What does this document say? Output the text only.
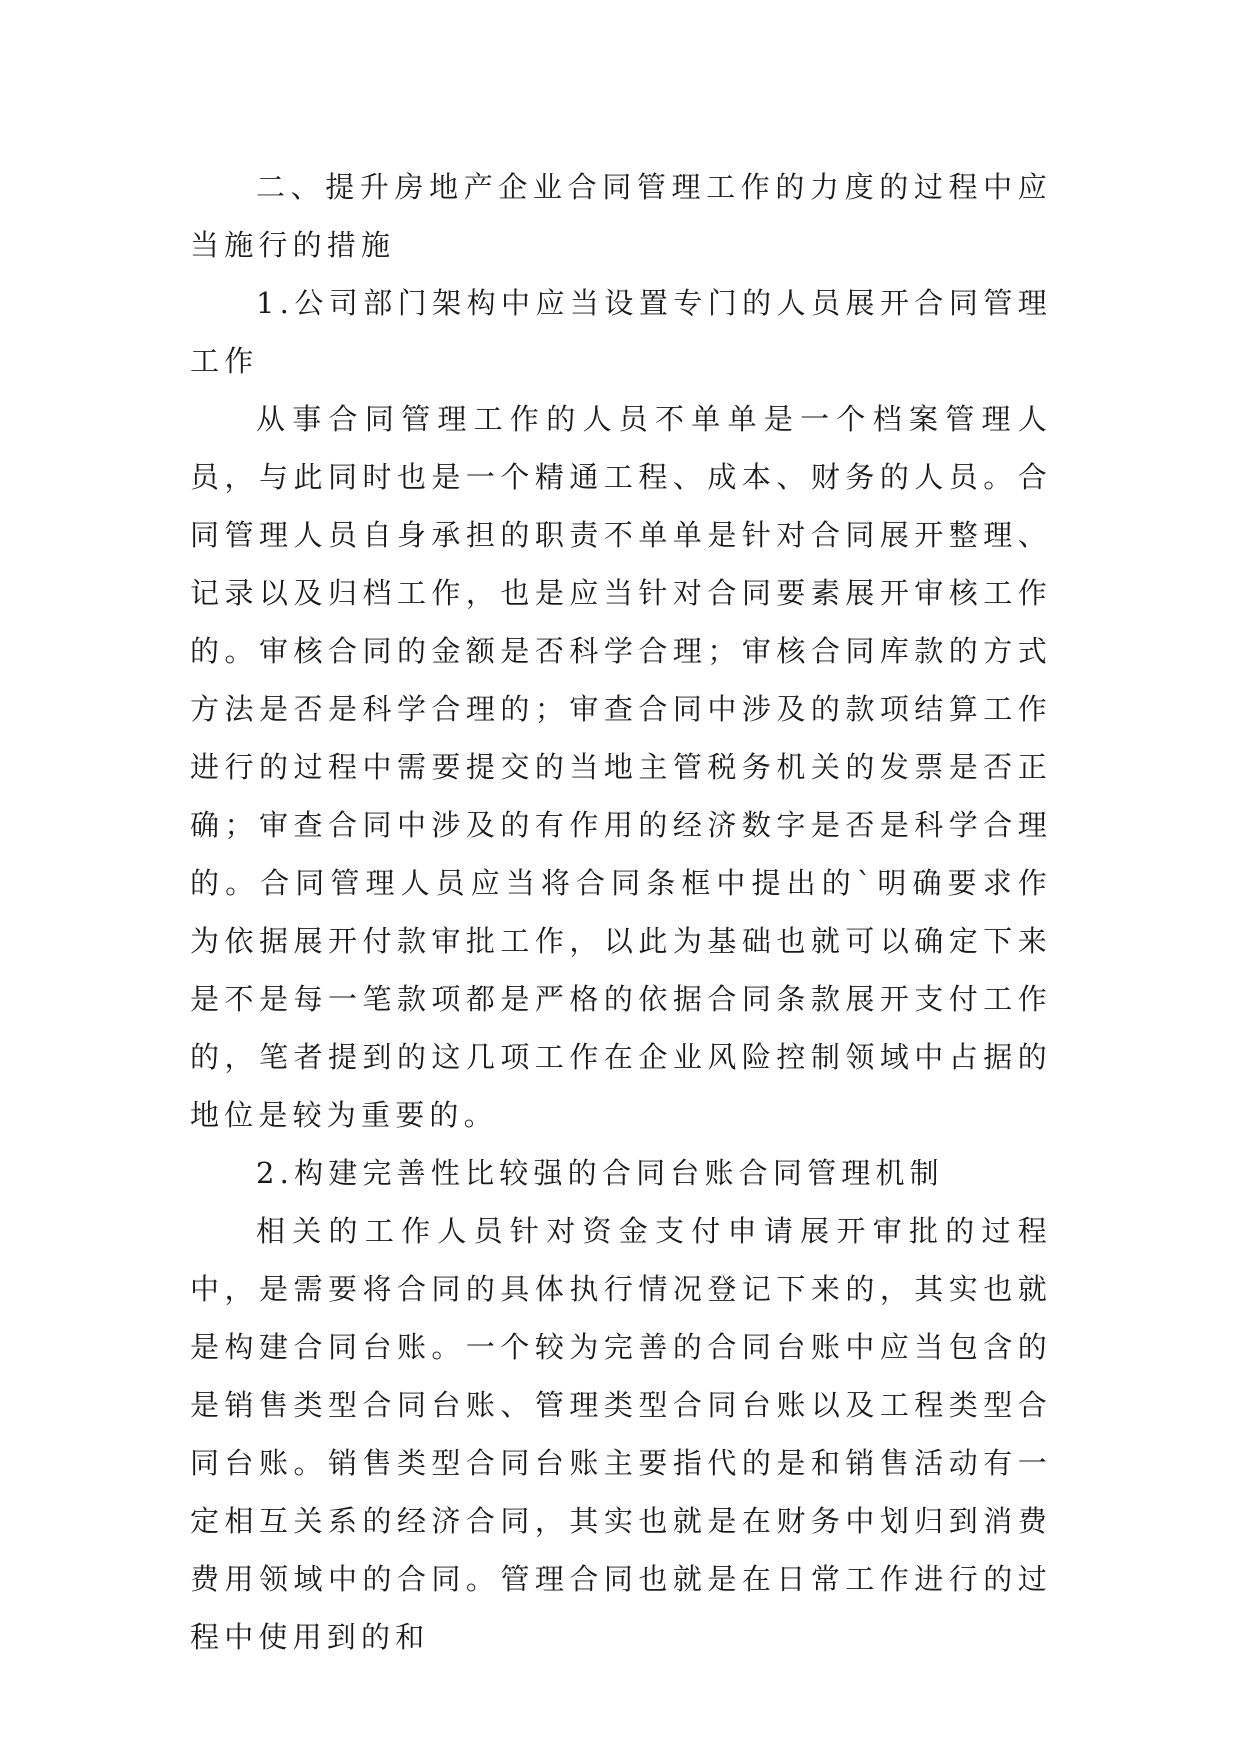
二、提升房地产企业合同管理工作的力度的过程中应当施行的措施

1.公司部门架构中应当设置专门的人员展开合同管理工作

从事合同管理工作的人员不单单是一个档案管理人员，与此同时也是一个精通工程、成本、财务的人员。合同管理人员自身承担的职责不单单是针对合同展开整理、记录以及归档工作，也是应当针对合同要素展开审核工作的。审核合同的金额是否科学合理；审核合同库款的方式方法是否是科学合理的；审查合同中涉及的款项结算工作进行的过程中需要提交的当地主管税务机关的发票是否正确；审查合同中涉及的有作用的经济数字是否是科学合理的。合同管理人员应当将合同条框中提出的`明确要求作为依据展开付款审批工作，以此为基础也就可以确定下来是不是每一笔款项都是严格的依据合同条款展开支付工作的，笔者提到的这几项工作在企业风险控制领域中占据的地位是较为重要的。

2.构建完善性比较强的合同台账合同管理机制

相关的工作人员针对资金支付申请展开审批的过程中，是需要将合同的具体执行情况登记下来的，其实也就是构建合同台账。一个较为完善的合同台账中应当包含的是销售类型合同台账、管理类型合同台账以及工程类型合同台账。销售类型合同台账主要指代的是和销售活动有一定相互关系的经济合同，其实也就是在财务中划归到消费费用领域中的合同。管理合同也就是在日常工作进行的过程中使用到的和
